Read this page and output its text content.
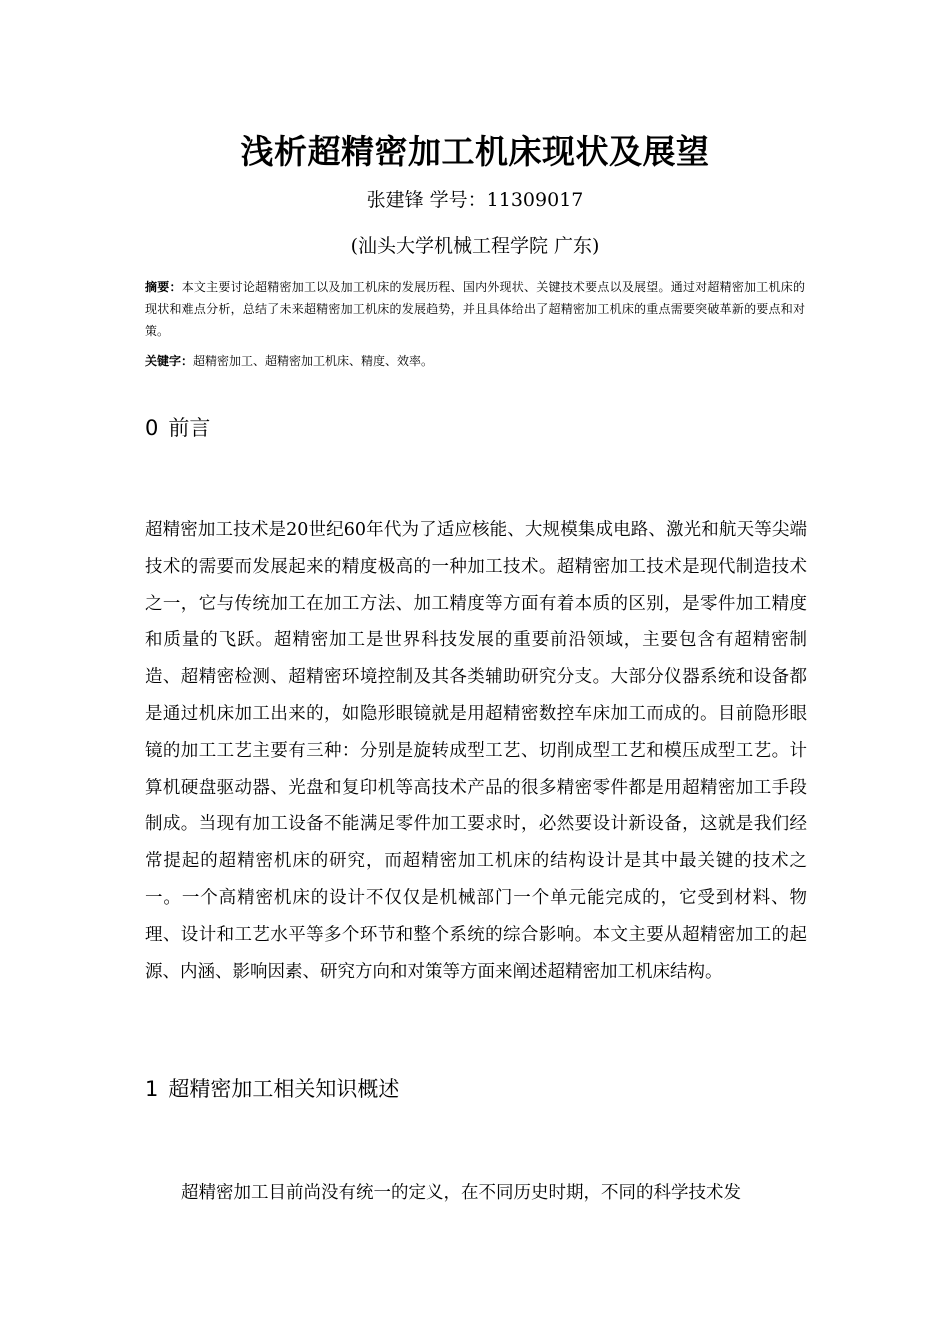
浅析超精密加工机床现状及展望
张建锋 学号：11309017
(汕头大学机械工程学院 广东)
摘要：本文主要讨论超精密加工以及加工机床的发展历程、国内外现状、关键技术要点以及展望。通过对超精密加工机床的现状和难点分析，总结了未来超精密加工机床的发展趋势，并且具体给出了超精密加工机床的重点需要突破革新的要点和对策。
关键字：超精密加工、超精密加工机床、精度、效率。
0 前言
超精密加工技术是20世纪60年代为了适应核能、大规模集成电路、激光和航天等尖端技术的需要而发展起来的精度极高的一种加工技术。超精密加工技术是现代制造技术之一，它与传统加工在加工方法、加工精度等方面有着本质的区别，是零件加工精度和质量的飞跃。超精密加工是世界科技发展的重要前沿领域，主要包含有超精密制造、超精密检测、超精密环境控制及其各类辅助研究分支。大部分仪器系统和设备都是通过机床加工出来的，如隐形眼镜就是用超精密数控车床加工而成的。目前隐形眼镜的加工工艺主要有三种：分别是旋转成型工艺、切削成型工艺和模压成型工艺。计算机硬盘驱动器、光盘和复印机等高技术产品的很多精密零件都是用超精密加工手段制成。当现有加工设备不能满足零件加工要求时，必然要设计新设备，这就是我们经常提起的超精密机床的研究，而超精密加工机床的结构设计是其中最关键的技术之一。一个高精密机床的设计不仅仅是机械部门一个单元能完成的，它受到材料、物理、设计和工艺水平等多个环节和整个系统的综合影响。本文主要从超精密加工的起源、内涵、影响因素、研究方向和对策等方面来阐述超精密加工机床结构。
1 超精密加工相关知识概述
超精密加工目前尚没有统一的定义，在不同历史时期，不同的科学技术发
